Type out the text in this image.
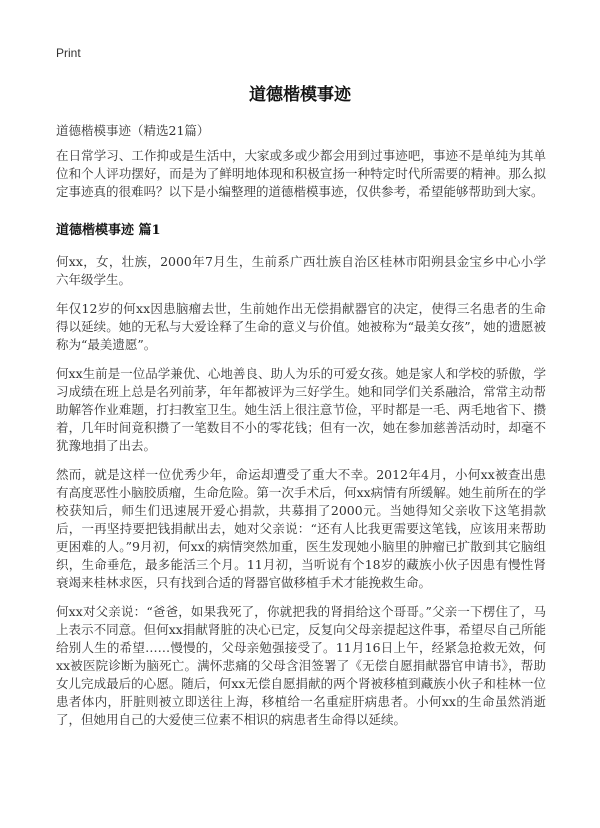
Print
道德楷模事迹
道德楷模事迹（精选21篇）

在日常学习、工作抑或是生活中，大家或多或少都会用到过事迹吧，事迹不是单纯为其单位和个人评功摆好，而是为了鲜明地体现和积极宣扬一种特定时代所需要的精神。那么拟定事迹真的很难吗？以下是小编整理的道德楷模事迹，仅供参考，希望能够帮助到大家。

道德楷模事迹 篇1

何xx，女，壮族，2000年7月生，生前系广西壮族自治区桂林市阳朔县金宝乡中心小学六年级学生。

年仅12岁的何xx因患脑瘤去世，生前她作出无偿捐献器官的决定，使得三名患者的生命得以延续。她的无私与大爱诠释了生命的意义与价值。她被称为“最美女孩”，她的遗愿被称为“最美遗愿”。

何xx生前是一位品学兼优、心地善良、助人为乐的可爱女孩。她是家人和学校的骄傲，学习成绩在班上总是名列前茅，年年都被评为三好学生。她和同学们关系融洽，常常主动帮助解答作业难题，打扫教室卫生。她生活上很注意节俭，平时都是一毛、两毛地省下、攒着，几年时间竟积攒了一笔数目不小的零花钱；但有一次，她在参加慈善活动时，却毫不犹豫地捐了出去。

然而，就是这样一位优秀少年，命运却遭受了重大不幸。2012年4月，小何xx被查出患有高度恶性小脑胶质瘤，生命危险。第一次手术后，何xx病情有所缓解。她生前所在的学校获知后，师生们迅速展开爱心捐款，共募捐了2000元。当她得知父亲收下这笔捐款后，一再坚持要把钱捐献出去，她对父亲说：“还有人比我更需要这笔钱，应该用来帮助更困难的人。”9月初，何xx的病情突然加重，医生发现她小脑里的肿瘤已扩散到其它脑组织，生命垂危，最多能活三个月。11月初，当听说有个18岁的藏族小伙子因患有慢性肾衰竭来桂林求医，只有找到合适的肾器官做移植手术才能挽救生命。

何xx对父亲说：“爸爸，如果我死了，你就把我的肾捐给这个哥哥。”父亲一下楞住了，马上表示不同意。但何xx捐献肾脏的决心已定，反复向父母亲提起这件事，希望尽自己所能给别人生的希望……慢慢的，父母亲勉强接受了。11月16日上午，经紧急抢救无效，何xx被医院诊断为脑死亡。满怀悲痛的父母含泪签署了《无偿自愿捐献器官申请书》，帮助女儿完成最后的心愿。随后，何xx无偿自愿捐献的两个肾被移植到藏族小伙子和桂林一位患者体内，肝脏则被立即送往上海，移植给一名重症肝病患者。小何xx的生命虽然消逝了，但她用自己的大爱使三位素不相识的病患者生命得以延续。
